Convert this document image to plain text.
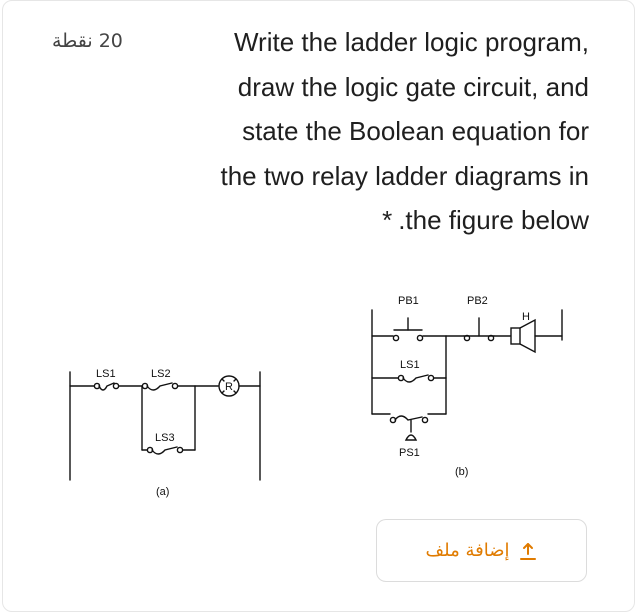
20 نقطة	Write the ladder logic program,
draw the logic gate circuit, and
state the Boolean equation for
the two relay ladder diagrams in
* .the figure below
LS1	LS2
LS3
R
(a)
PB1	PB2
H
LS1
PS1
(b)
إضافة ملف
